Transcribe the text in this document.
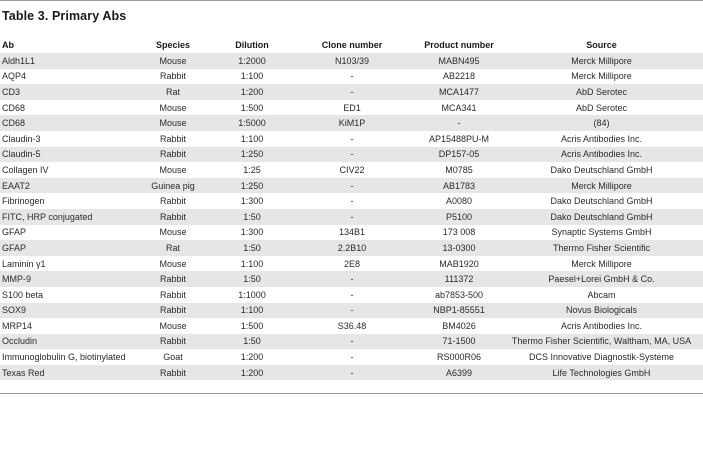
Table 3. Primary Abs
Ab	Species	Dilution	Clone number	Product number	Source
Aldh1L1	Mouse	1:2000	N103/39	MABN495	Merck Millipore
AQP4	Rabbit	1:100	-	AB2218	Merck Millipore
CD3	Rat	1:200	-	MCA1477	AbD Serotec
CD68	Mouse	1:500	ED1	MCA341	AbD Serotec
CD68	Mouse	1:5000	KiM1P	-	(84)
Claudin-3	Rabbit	1:100	-	AP15488PU-M	Acris Antibodies Inc.
Claudin-5	Rabbit	1:250	-	DP157-05	Acris Antibodies Inc.
Collagen IV	Mouse	1:25	CIV22	M0785	Dako Deutschland GmbH
EAAT2	Guinea pig	1:250	-	AB1783	Merck Millipore
Fibrinogen	Rabbit	1:300	-	A0080	Dako Deutschland GmbH
FITC, HRP conjugated	Rabbit	1:50	-	P5100	Dako Deutschland GmbH
GFAP	Mouse	1:300	134B1	173 008	Synaptic Systems GmbH
GFAP	Rat	1:50	2.2B10	13-0300	Thermo Fisher Scientific
Laminin γ1	Mouse	1:100	2E8	MAB1920	Merck Millipore
MMP-9	Rabbit	1:50	-	111372	Paesel+Lorei GmbH & Co.
S100 beta	Rabbit	1:1000	-	ab7853-500	Abcam
SOX9	Rabbit	1:100	-	NBP1-85551	Novus Biologicals
MRP14	Mouse	1:500	S36.48	BM4026	Acris Antibodies Inc.
Occludin	Rabbit	1:50	-	71-1500	Thermo Fisher Scientific, Waltham, MA, USA
Immunoglobulin G, biotinylated	Goat	1:200	-	RS000R06	DCS Innovative Diagnostik-Systeme
Texas Red	Rabbit	1:200	-	A6399	Life Technologies GmbH
